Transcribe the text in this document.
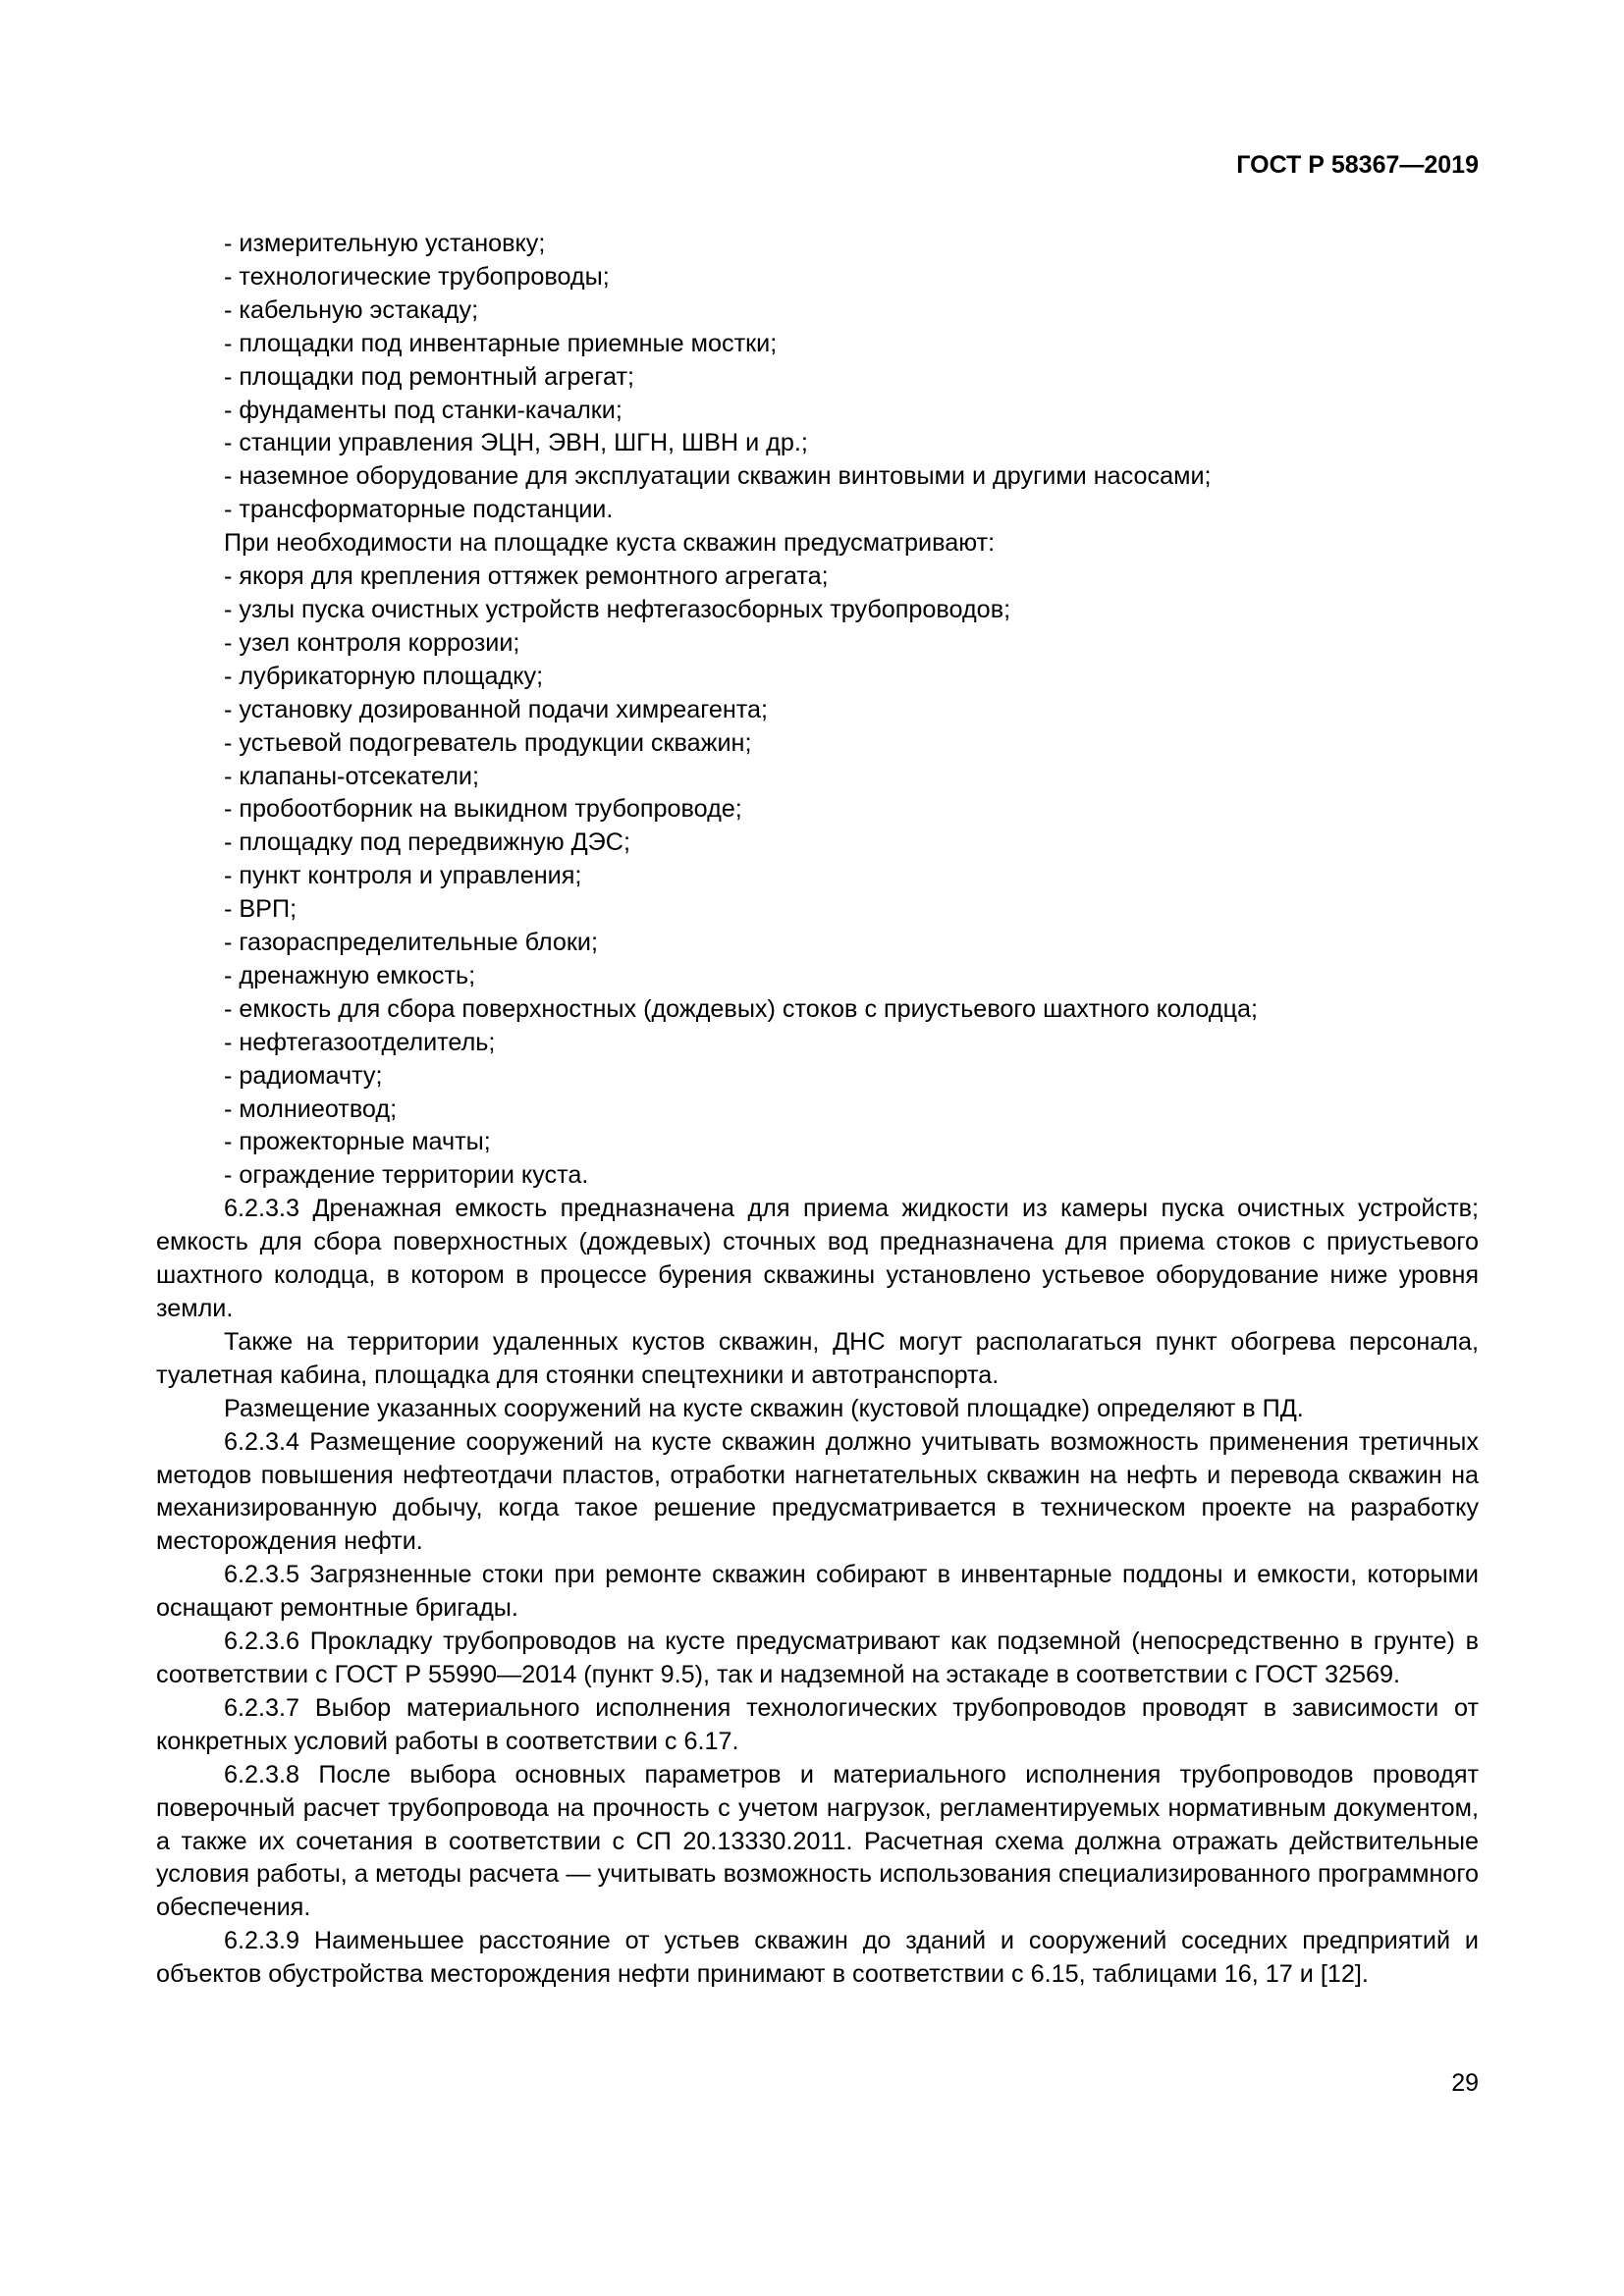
ГОСТ Р 58367—2019
- измерительную установку;
- технологические трубопроводы;
- кабельную эстакаду;
- площадки под инвентарные приемные мостки;
- площадки под ремонтный агрегат;
- фундаменты под станки-качалки;
- станции управления ЭЦН, ЭВН, ШГН, ШВН и др.;
- наземное оборудование для эксплуатации скважин винтовыми и другими насосами;
- трансформаторные подстанции.
При необходимости на площадке куста скважин предусматривают:
- якоря для крепления оттяжек ремонтного агрегата;
- узлы пуска очистных устройств нефтегазосборных трубопроводов;
- узел контроля коррозии;
- лубрикаторную площадку;
- установку дозированной подачи химреагента;
- устьевой подогреватель продукции скважин;
- клапаны-отсекатели;
- пробоотборник на выкидном трубопроводе;
- площадку под передвижную ДЭС;
- пункт контроля и управления;
- ВРП;
- газораспределительные блоки;
- дренажную емкость;
- емкость для сбора поверхностных (дождевых) стоков с приустьевого шахтного колодца;
- нефтегазоотделитель;
- радиомачту;
- молниеотвод;
- прожекторные мачты;
- ограждение территории куста.

6.2.3.3 Дренажная емкость предназначена для приема жидкости из камеры пуска очистных устройств; емкость для сбора поверхностных (дождевых) сточных вод предназначена для приема стоков с приустьевого шахтного колодца, в котором в процессе бурения скважины установлено устьевое оборудование ниже уровня земли.

Также на территории удаленных кустов скважин, ДНС могут располагаться пункт обогрева персонала, туалетная кабина, площадка для стоянки спецтехники и автотранспорта.

Размещение указанных сооружений на кусте скважин (кустовой площадке) определяют в ПД.

6.2.3.4 Размещение сооружений на кусте скважин должно учитывать возможность применения третичных методов повышения нефтеотдачи пластов, отработки нагнетательных скважин на нефть и перевода скважин на механизированную добычу, когда такое решение предусматривается в техническом проекте на разработку месторождения нефти.

6.2.3.5 Загрязненные стоки при ремонте скважин собирают в инвентарные поддоны и емкости, которыми оснащают ремонтные бригады.

6.2.3.6 Прокладку трубопроводов на кусте предусматривают как подземной (непосредственно в грунте) в соответствии с ГОСТ Р 55990—2014 (пункт 9.5), так и надземной на эстакаде в соответствии с ГОСТ 32569.

6.2.3.7 Выбор материального исполнения технологических трубопроводов проводят в зависимости от конкретных условий работы в соответствии с 6.17.

6.2.3.8 После выбора основных параметров и материального исполнения трубопроводов проводят поверочный расчет трубопровода на прочность с учетом нагрузок, регламентируемых нормативным документом, а также их сочетания в соответствии с СП 20.13330.2011. Расчетная схема должна отражать действительные условия работы, а методы расчета — учитывать возможность использования специализированного программного обеспечения.

6.2.3.9 Наименьшее расстояние от устьев скважин до зданий и сооружений соседних предприятий и объектов обустройства месторождения нефти принимают в соответствии с 6.15, таблицами 16, 17 и [12].

29
